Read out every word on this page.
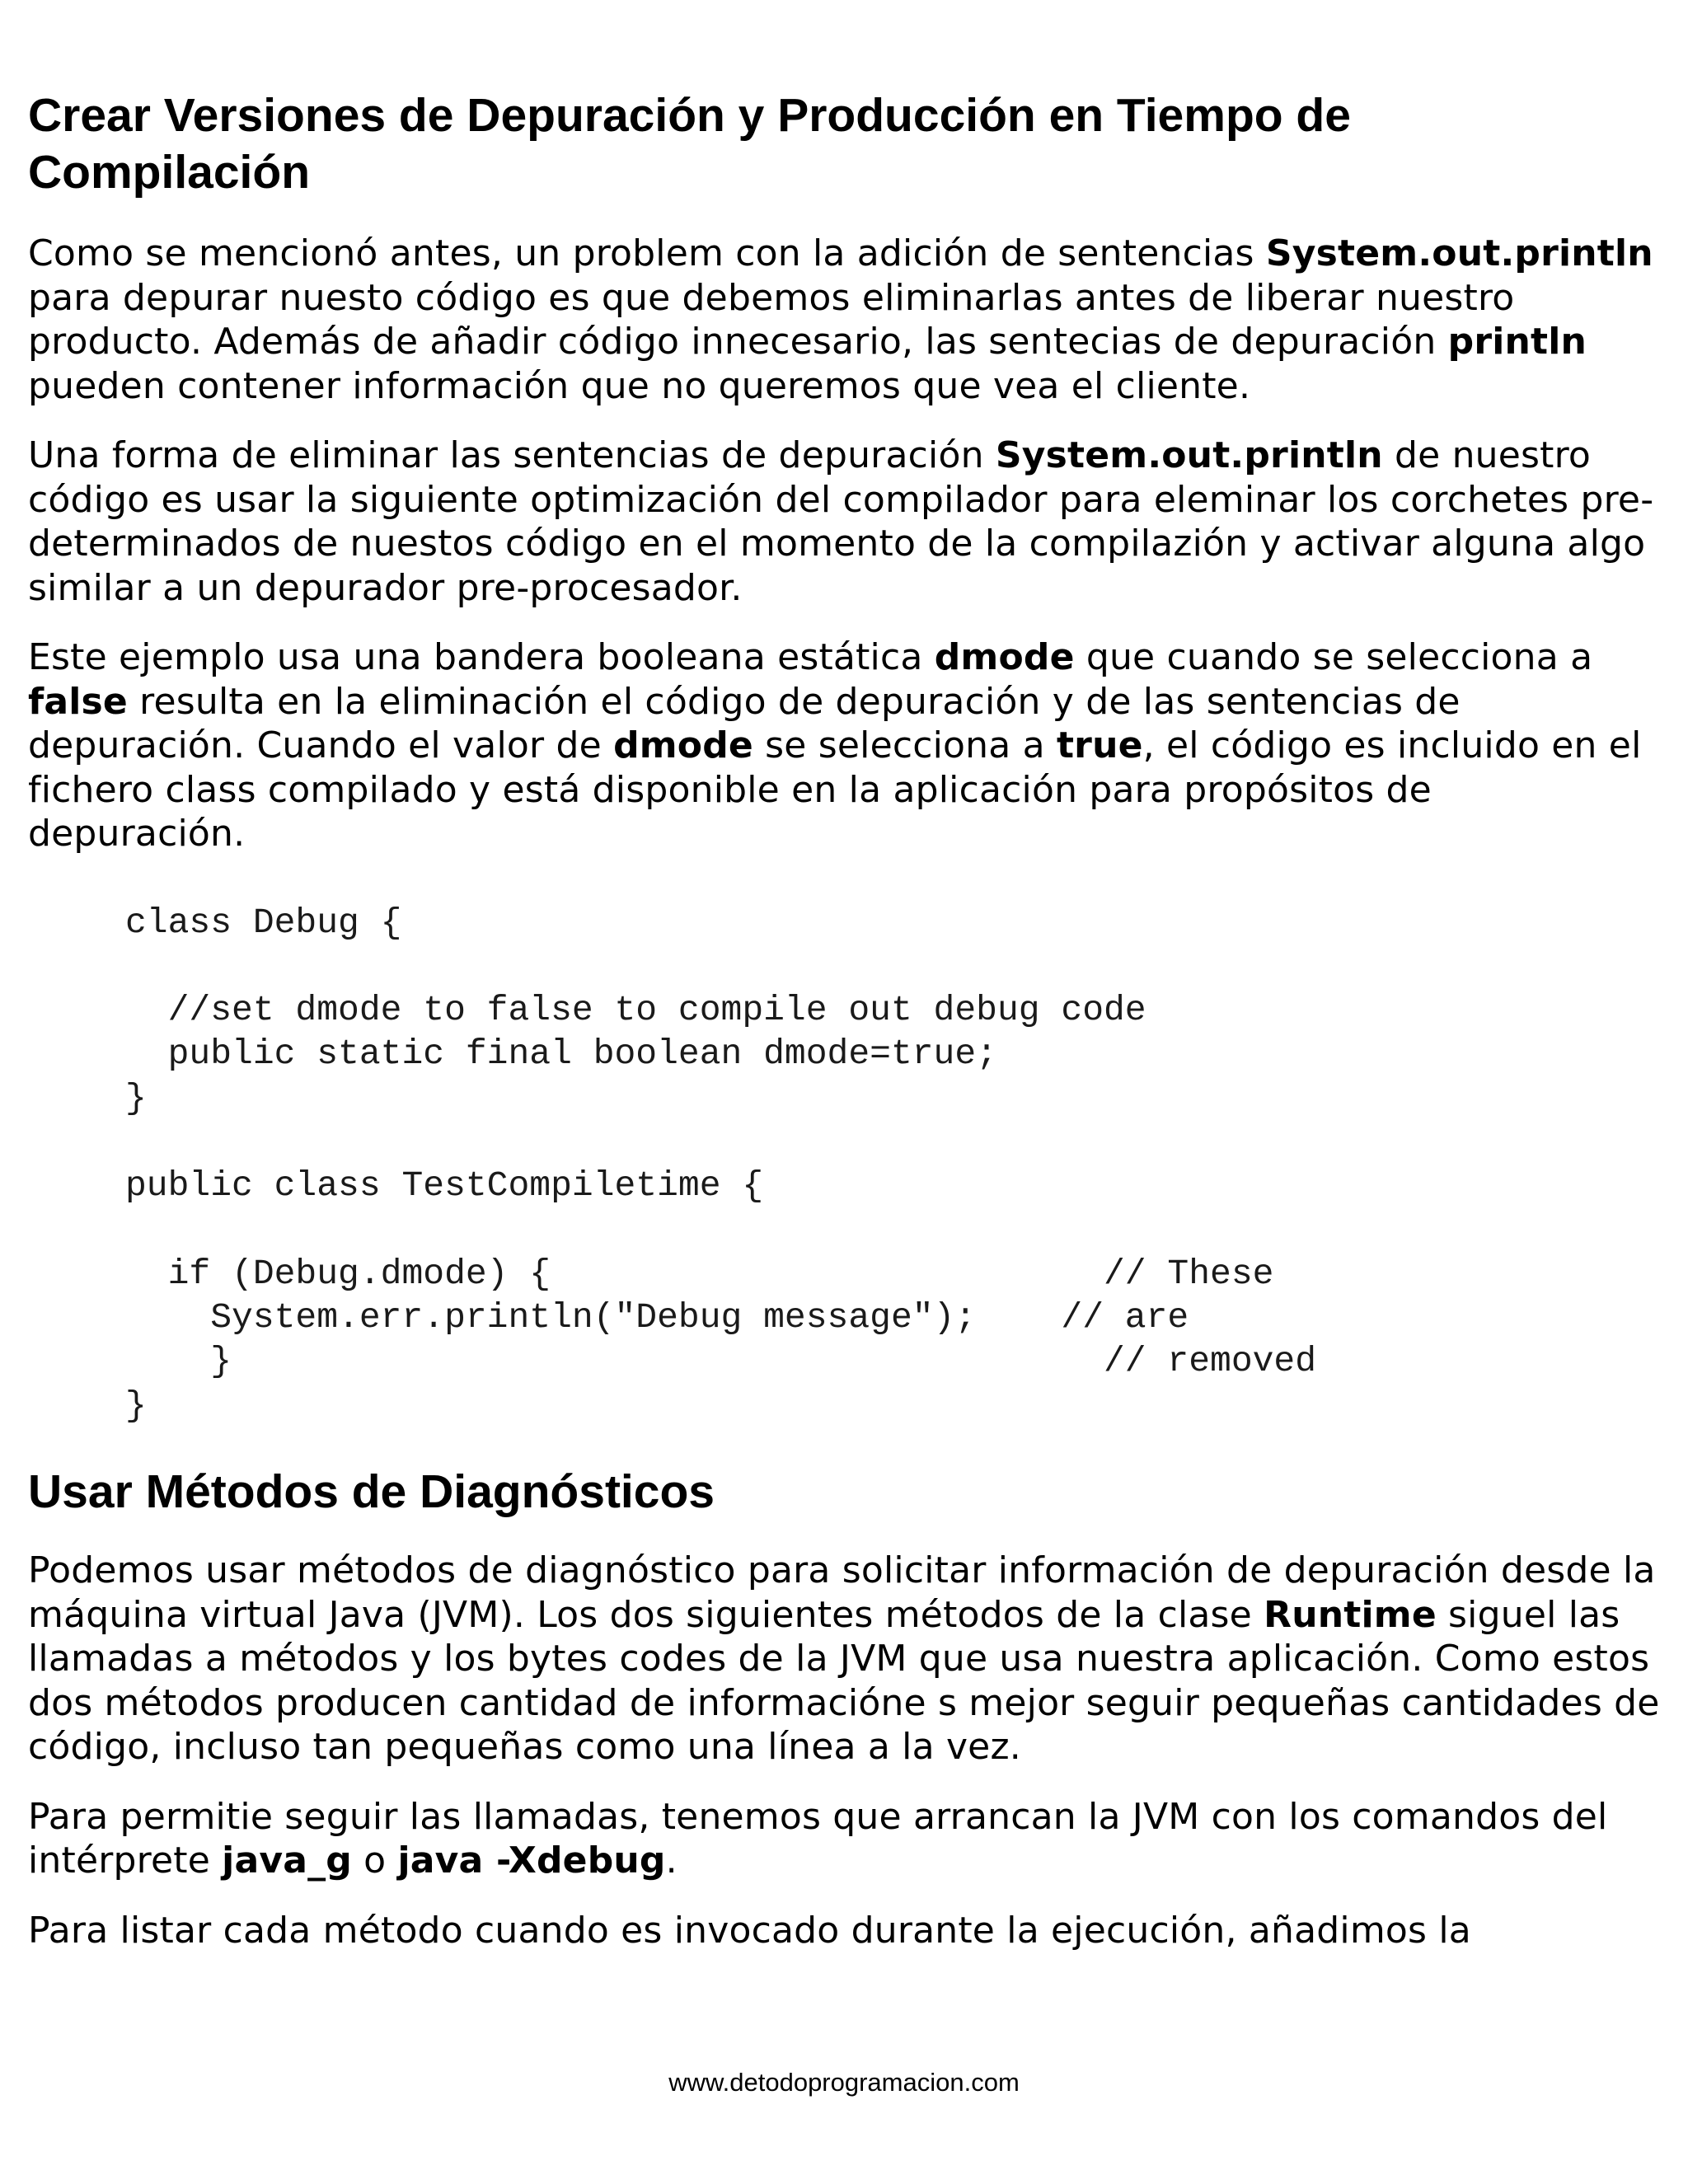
Crear Versiones de Depuración y Producción en Tiempo de
Compilación

Como se mencionó antes, un problem con la adición de sentencias System.out.println para depurar nuesto código es que debemos eliminarlas antes de liberar nuestro producto. Además de añadir código innecesario, las sentecias de depuración println pueden contener información que no queremos que vea el cliente.

Una forma de eliminar las sentencias de depuración System.out.println de nuestro código es usar la siguiente optimización del compilador para eleminar los corchetes pre-determinados de nuestos código en el momento de la compilazión y activar alguna algo similar a un depurador pre-procesador.

Este ejemplo usa una bandera booleana estática dmode que cuando se selecciona a false resulta en la eliminación el código de depuración y de las sentencias de depuración. Cuando el valor de dmode se selecciona a true, el código es incluido en el fichero class compilado y está disponible en la aplicación para propósitos de depuración.

class Debug {

//set dmode to false to compile out debug code
public static final boolean dmode=true;
}

public class TestCompiletime {

if (Debug.dmode) {                          // These
System.err.println("Debug message");    // are
}                                         // removed
}
Usar Métodos de Diagnósticos

Podemos usar métodos de diagnóstico para solicitar información de depuración desde la máquina virtual Java (JVM). Los dos siguientes métodos de la clase Runtime siguel las llamadas a métodos y los bytes codes de la JVM que usa nuestra aplicación. Como estos dos métodos producen cantidad de informacióne s mejor seguir pequeñas cantidades de código, incluso tan pequeñas como una línea a la vez.

Para permitie seguir las llamadas, tenemos que arrancan la JVM con los comandos del intérprete java_g o java -Xdebug.

Para listar cada método cuando es invocado durante la ejecución, añadimos la

www.detodoprogramacion.com
